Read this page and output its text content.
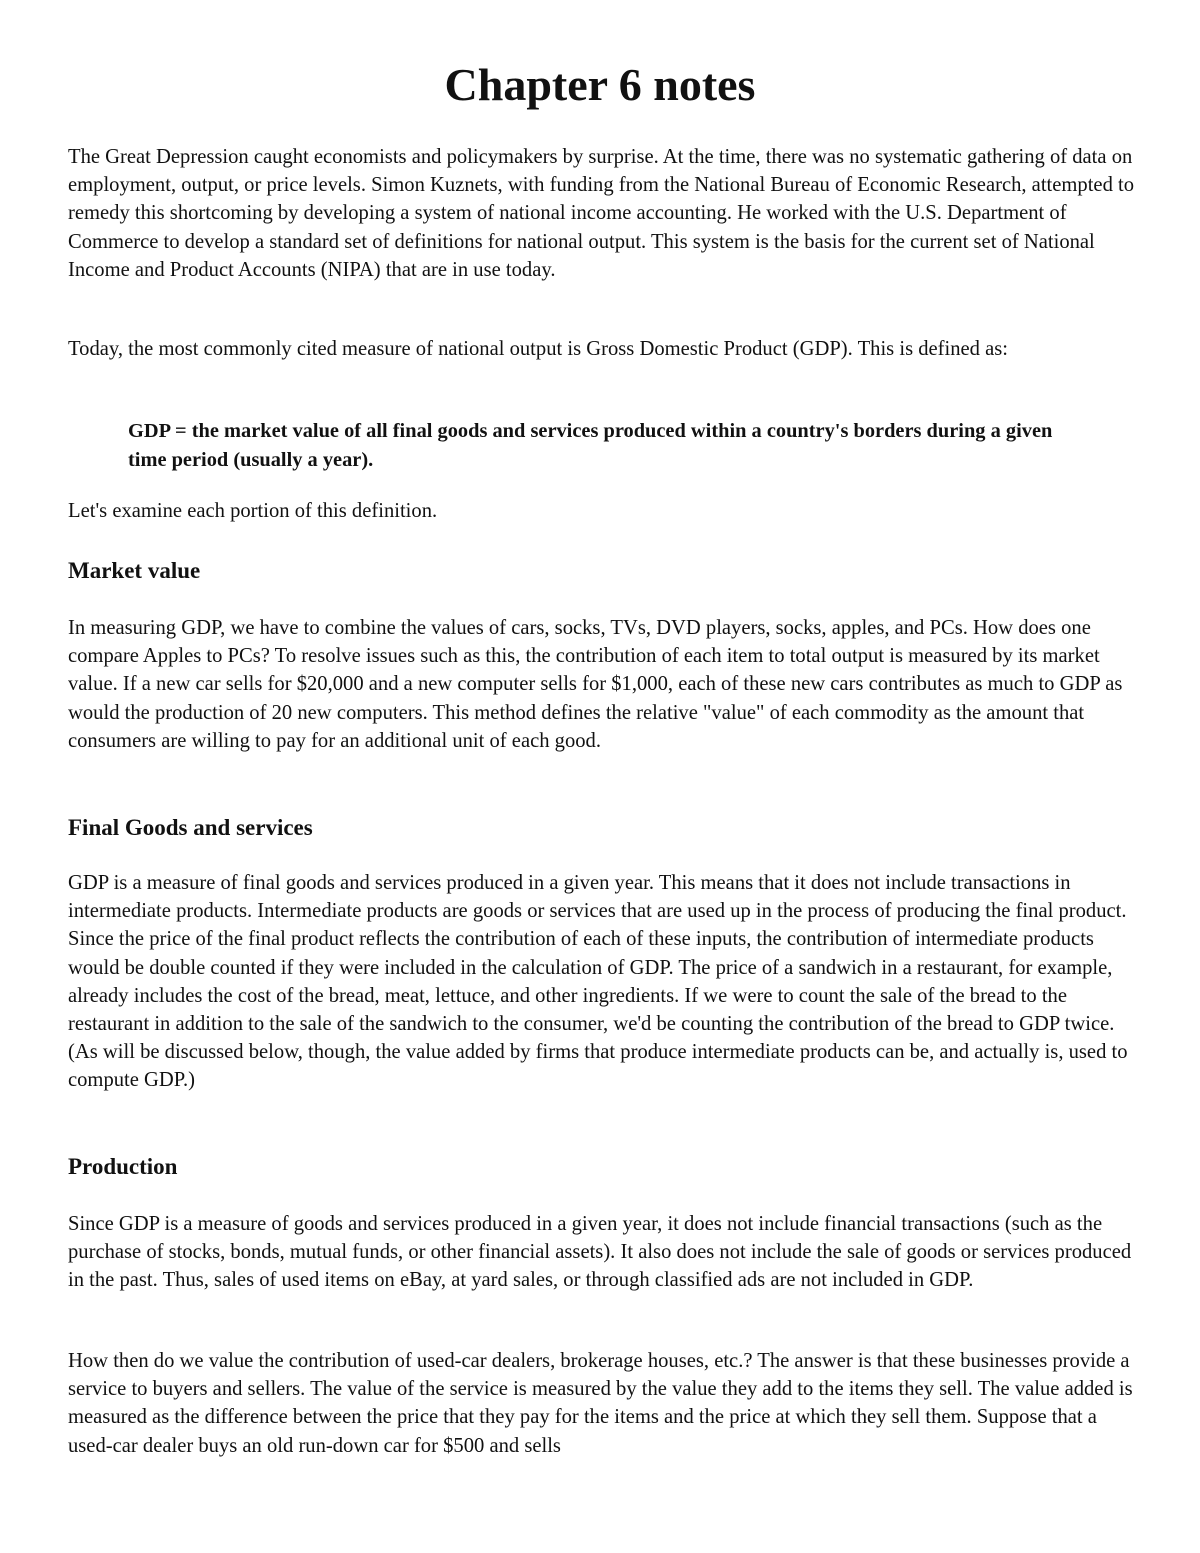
Chapter 6 notes

The Great Depression caught economists and policymakers by surprise. At the time, there was no systematic gathering of data on employment, output, or price levels. Simon Kuznets, with funding from the National Bureau of Economic Research, attempted to remedy this shortcoming by developing a system of national income accounting. He worked with the U.S. Department of Commerce to develop a standard set of definitions for national output. This system is the basis for the current set of National Income and Product Accounts (NIPA) that are in use today.

Today, the most commonly cited measure of national output is Gross Domestic Product (GDP). This is defined as:

GDP = the market value of all final goods and services produced within a country's borders during a given time period (usually a year).

Let's examine each portion of this definition.

Market value

In measuring GDP, we have to combine the values of cars, socks, TVs, DVD players, socks, apples, and PCs. How does one compare Apples to PCs? To resolve issues such as this, the contribution of each item to total output is measured by its market value. If a new car sells for $20,000 and a new computer sells for $1,000, each of these new cars contributes as much to GDP as would the production of 20 new computers. This method defines the relative "value" of each commodity as the amount that consumers are willing to pay for an additional unit of each good.

Final Goods and services

GDP is a measure of final goods and services produced in a given year. This means that it does not include transactions in intermediate products. Intermediate products are goods or services that are used up in the process of producing the final product. Since the price of the final product reflects the contribution of each of these inputs, the contribution of intermediate products would be double counted if they were included in the calculation of GDP. The price of a sandwich in a restaurant, for example, already includes the cost of the bread, meat, lettuce, and other ingredients. If we were to count the sale of the bread to the restaurant in addition to the sale of the sandwich to the consumer, we'd be counting the contribution of the bread to GDP twice. (As will be discussed below, though, the value added by firms that produce intermediate products can be, and actually is, used to compute GDP.)

Production

Since GDP is a measure of goods and services produced in a given year, it does not include financial transactions (such as the purchase of stocks, bonds, mutual funds, or other financial assets). It also does not include the sale of goods or services produced in the past. Thus, sales of used items on eBay, at yard sales, or through classified ads are not included in GDP.

How then do we value the contribution of used-car dealers, brokerage houses, etc.? The answer is that these businesses provide a service to buyers and sellers. The value of the service is measured by the value they add to the items they sell. The value added is measured as the difference between the price that they pay for the items and the price at which they sell them. Suppose that a used-car dealer buys an old run-down car for $500 and sells
